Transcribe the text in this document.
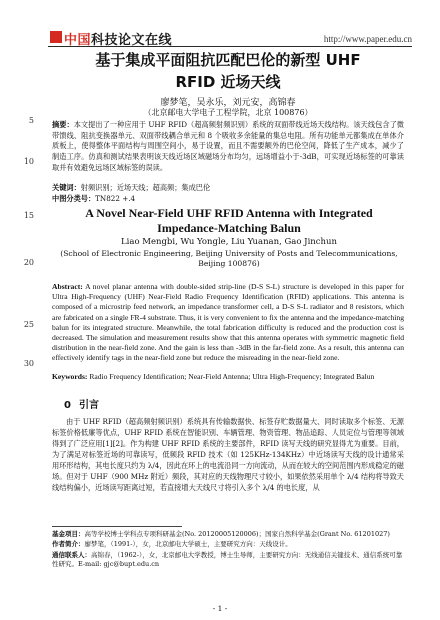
中国科技论文在线	http://www.paper.edu.cn
基于集成平面阻抗匹配巴伦的新型 UHF
RFID 近场天线
廖梦笔，吴永乐，刘元安，高锦春
（北京邮电大学电子工程学院，北京 100876）
5
10
15
20
25
30
摘要：本文提出了一种应用于 UHF RFID（超高频射频识别）系统的双面带线近场天线结构。该天线包含了微带馈线、阻抗变换器单元、双面带线耦合单元和 8 个吸收多余能量的集总电阻。所有功能单元都集成在单体介质板上，使得整体平面结构与周围空间小，易于设置，而且不需要额外的巴伦空间，降低了生产成本，减少了制造工序。仿真和测试结果表明该天线近场区域磁场分布均匀，远场增益小于-3dB，可实现近场标签的可靠读取并有效避免远场区域标签的误读。
关键词：射频识别；近场天线；超高频；集成巴伦
中图分类号：TN822 +.4
A Novel Near-Field UHF RFID Antenna with Integrated
Impedance-Matching Balun
Liao Mengbi, Wu Yongle, Liu Yuanan, Gao Jinchun
(School of Electronic Engineering, Beijing University of Posts and Telecommunications,
Beijing 100876)
Abstract: A novel planar antenna with double-sided strip-line (D-S S-L) structure is developed in this paper for Ultra High-Frequency (UHF) Near-Field Radio Frequency Identification (RFID) applications. This antenna is composed of a microstrip feed network, an impedance transformer cell, a D-S S-L radiator and 8 resistors, which are fabricated on a single FR-4 substrate. Thus, it is very convenient to fix the antenna and the impedance-matching balun for its integrated structure. Meanwhile, the total fabrication difficulty is reduced and the production cost is decreased. The simulation and measurement results show that this antenna operates with symmetric magnetic field distribution in the near-field zone. And the gain is less than -3dB in the far-field zone. As a result, this antenna can effectively identify tags in the near-field zone but reduce the misreading in the near-field zone.
Keywords: Radio Frequency Identification; Near-Field Antenna; Ultra High-Frequency; Integrated Balun
0 引言
由于 UHF RFID（超高频射频识别）系统具有传输数据快、标签存贮数据量大、同时读取多个标签、无源标签价格低廉等优点，UHF RFID 系统在智能识别、车辆管理、物资管理、物品追踪、人员定位与管理等领域得到了广泛应用[1][2]。作为构建 UHF RFID 系统的主要部件，RFID 读写天线的研究显得尤为重要。目前，为了满足对标签近场的可靠读写，低频段 RFID 技术（如 125KHz-134KHz）中近场读写天线的设计通常采用环形结构，其电长度只约为 λ/4，因此在环上的电流沿同一方向流动，从而在较大的空间范围内形成稳定的磁场。但对于 UHF（900 MHz 附近）频段，其对应的天线物理尺寸较小，如果依然采用单个 λ/4 结构将导致天线结构偏小，近场读写距离过短，若直接增大天线尺寸将引入多个 λ/4 的电长度，从

基金项目：高等学校博士学科点专项科研基金(No. 20120005120006)；国家自然科学基金(Grant No. 61201027)

作者简介：廖梦笔，（1991-），女，北京邮电大学硕士，主要研究方向：天线设计。

通信联系人：高锦春，（1962-），女，北京邮电大学教授，博士生导师，主要研究方向：无线通信关键技术、通信系统可靠性研究。E-mail: gjc@bupt.edu.cn

- 1 -
